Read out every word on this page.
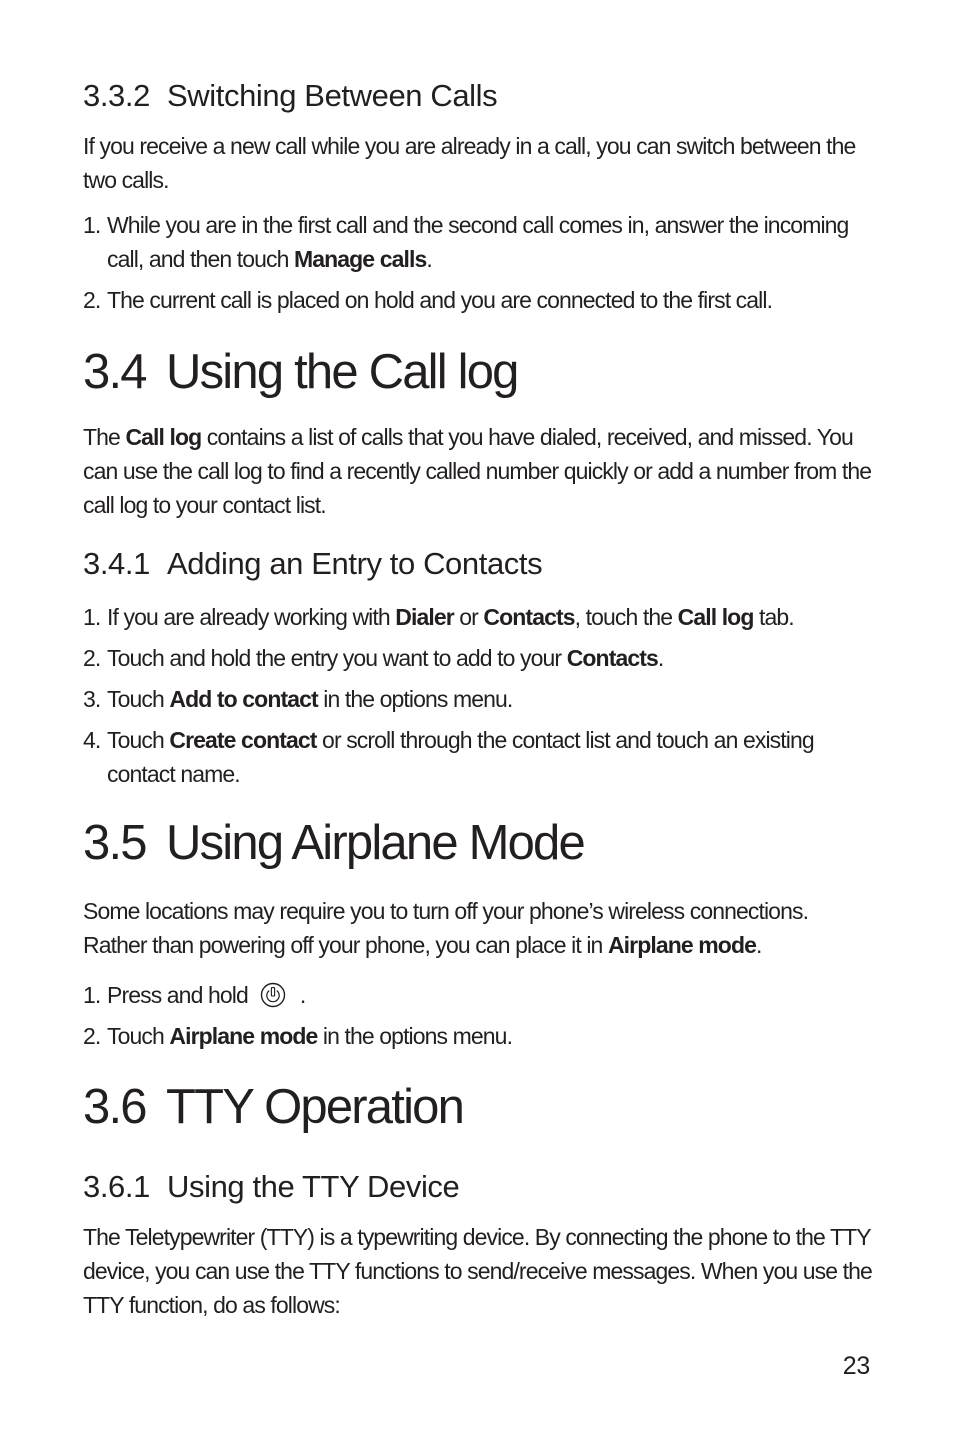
3.3.2 Switching Between Calls

If you receive a new call while you are already in a call, you can switch between the two calls.

1. While you are in the first call and the second call comes in, answer the incoming call, and then touch Manage calls.
2. The current call is placed on hold and you are connected to the first call.
3.4 Using the Call log

The Call log contains a list of calls that you have dialed, received, and missed. You can use the call log to find a recently called number quickly or add a number from the call log to your contact list.

3.4.1 Adding an Entry to Contacts
1. If you are already working with Dialer or Contacts, touch the Call log tab.
2. Touch and hold the entry you want to add to your Contacts.
3. Touch Add to contact in the options menu.
4. Touch Create contact or scroll through the contact list and touch an existing contact name.
3.5 Using Airplane Mode

Some locations may require you to turn off your phone’s wireless connections. Rather than powering off your phone, you can place it in Airplane mode.

1. Press and hold .
2. Touch Airplane mode in the options menu.
3.6 TTY Operation
3.6.1 Using the TTY Device

The Teletypewriter (TTY) is a typewriting device. By connecting the phone to the TTY device, you can use the TTY functions to send/receive messages. When you use the TTY function, do as follows:

23
